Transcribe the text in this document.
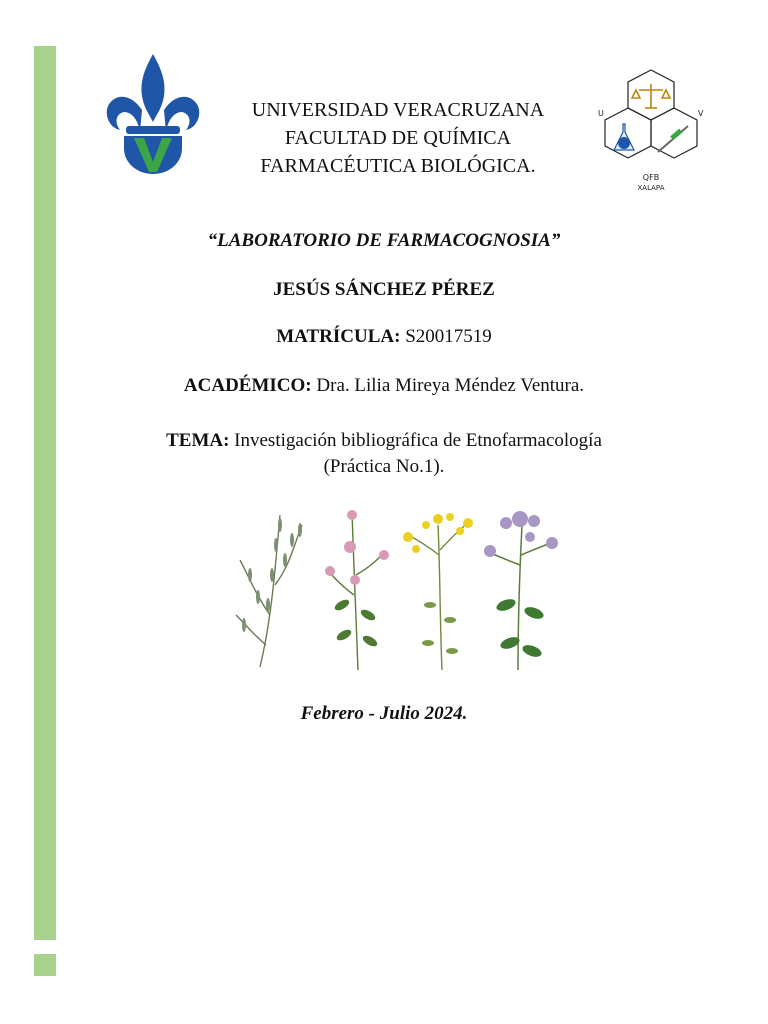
UNIVERSIDAD VERACRUZANA
FACULTAD DE QUÍMICA
FARMACÉUTICA BIOLÓGICA.
U	V
QFB
XALAPA
“LABORATORIO DE FARMACOGNOSIA”
JESÚS SÁNCHEZ PÉREZ
MATRÍCULA: S20017519
ACADÉMICO: Dra. Lilia Mireya Méndez Ventura.
TEMA: Investigación bibliográfica de Etnofarmacología
(Práctica No.1).
Febrero - Julio 2024.
